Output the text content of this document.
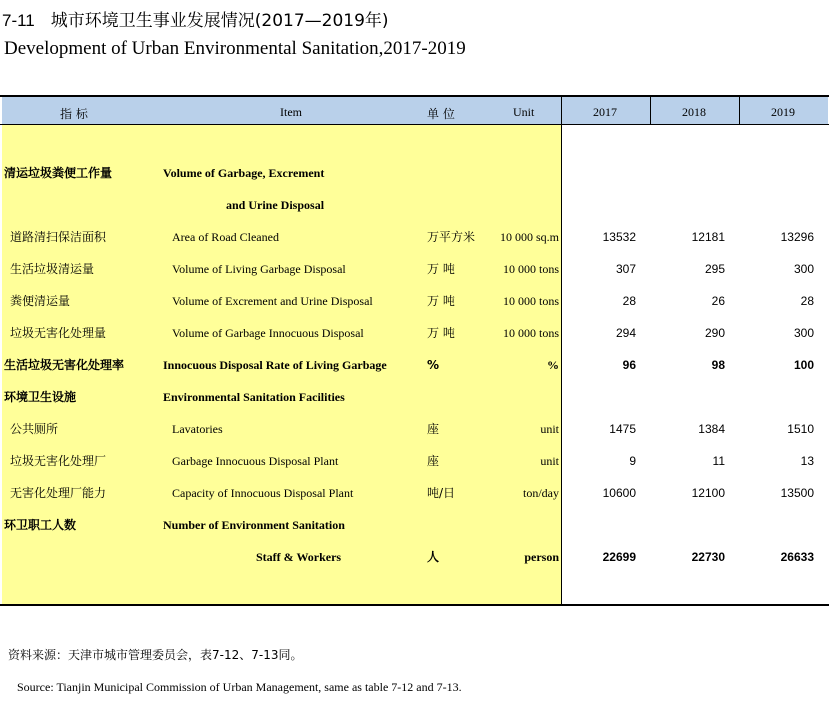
7-11 城市环境卫生事业发展情况(2017—2019年)
Development of Urban Environmental Sanitation,2017-2019
指 标	Item	单 位	Unit	2017	2018	2019
清运垃圾粪便工作量	Volume of Garbage, Excrement
and Urine Disposal
道路清扫保洁面积	Area of Road Cleaned	万平方米	10 000 sq.m	13532	12181	13296
生活垃圾清运量	Volume of Living Garbage Disposal	万 吨	10 000 tons	307	295	300
粪便清运量	Volume of Excrement and Urine Disposal	万 吨	10 000 tons	28	26	28
垃圾无害化处理量	Volume of Garbage Innocuous Disposal	万 吨	10 000 tons	294	290	300
生活垃圾无害化处理率	Innocuous Disposal Rate of Living Garbage	%	%	96	98	100
环境卫生设施	Environmental Sanitation Facilities
公共厕所	Lavatories	座	unit	1475	1384	1510
垃圾无害化处理厂	Garbage Innocuous Disposal Plant	座	unit	9	11	13
无害化处理厂能力	Capacity of Innocuous Disposal Plant	吨/日	ton/day	10600	12100	13500
环卫职工人数	Number of Environment Sanitation
Staff & Workers	人	person	22699	22730	26633
资料来源：天津市城市管理委员会，表7-12、7-13同。
Source: Tianjin Municipal Commission of Urban Management, same as table 7-12 and 7-13.
